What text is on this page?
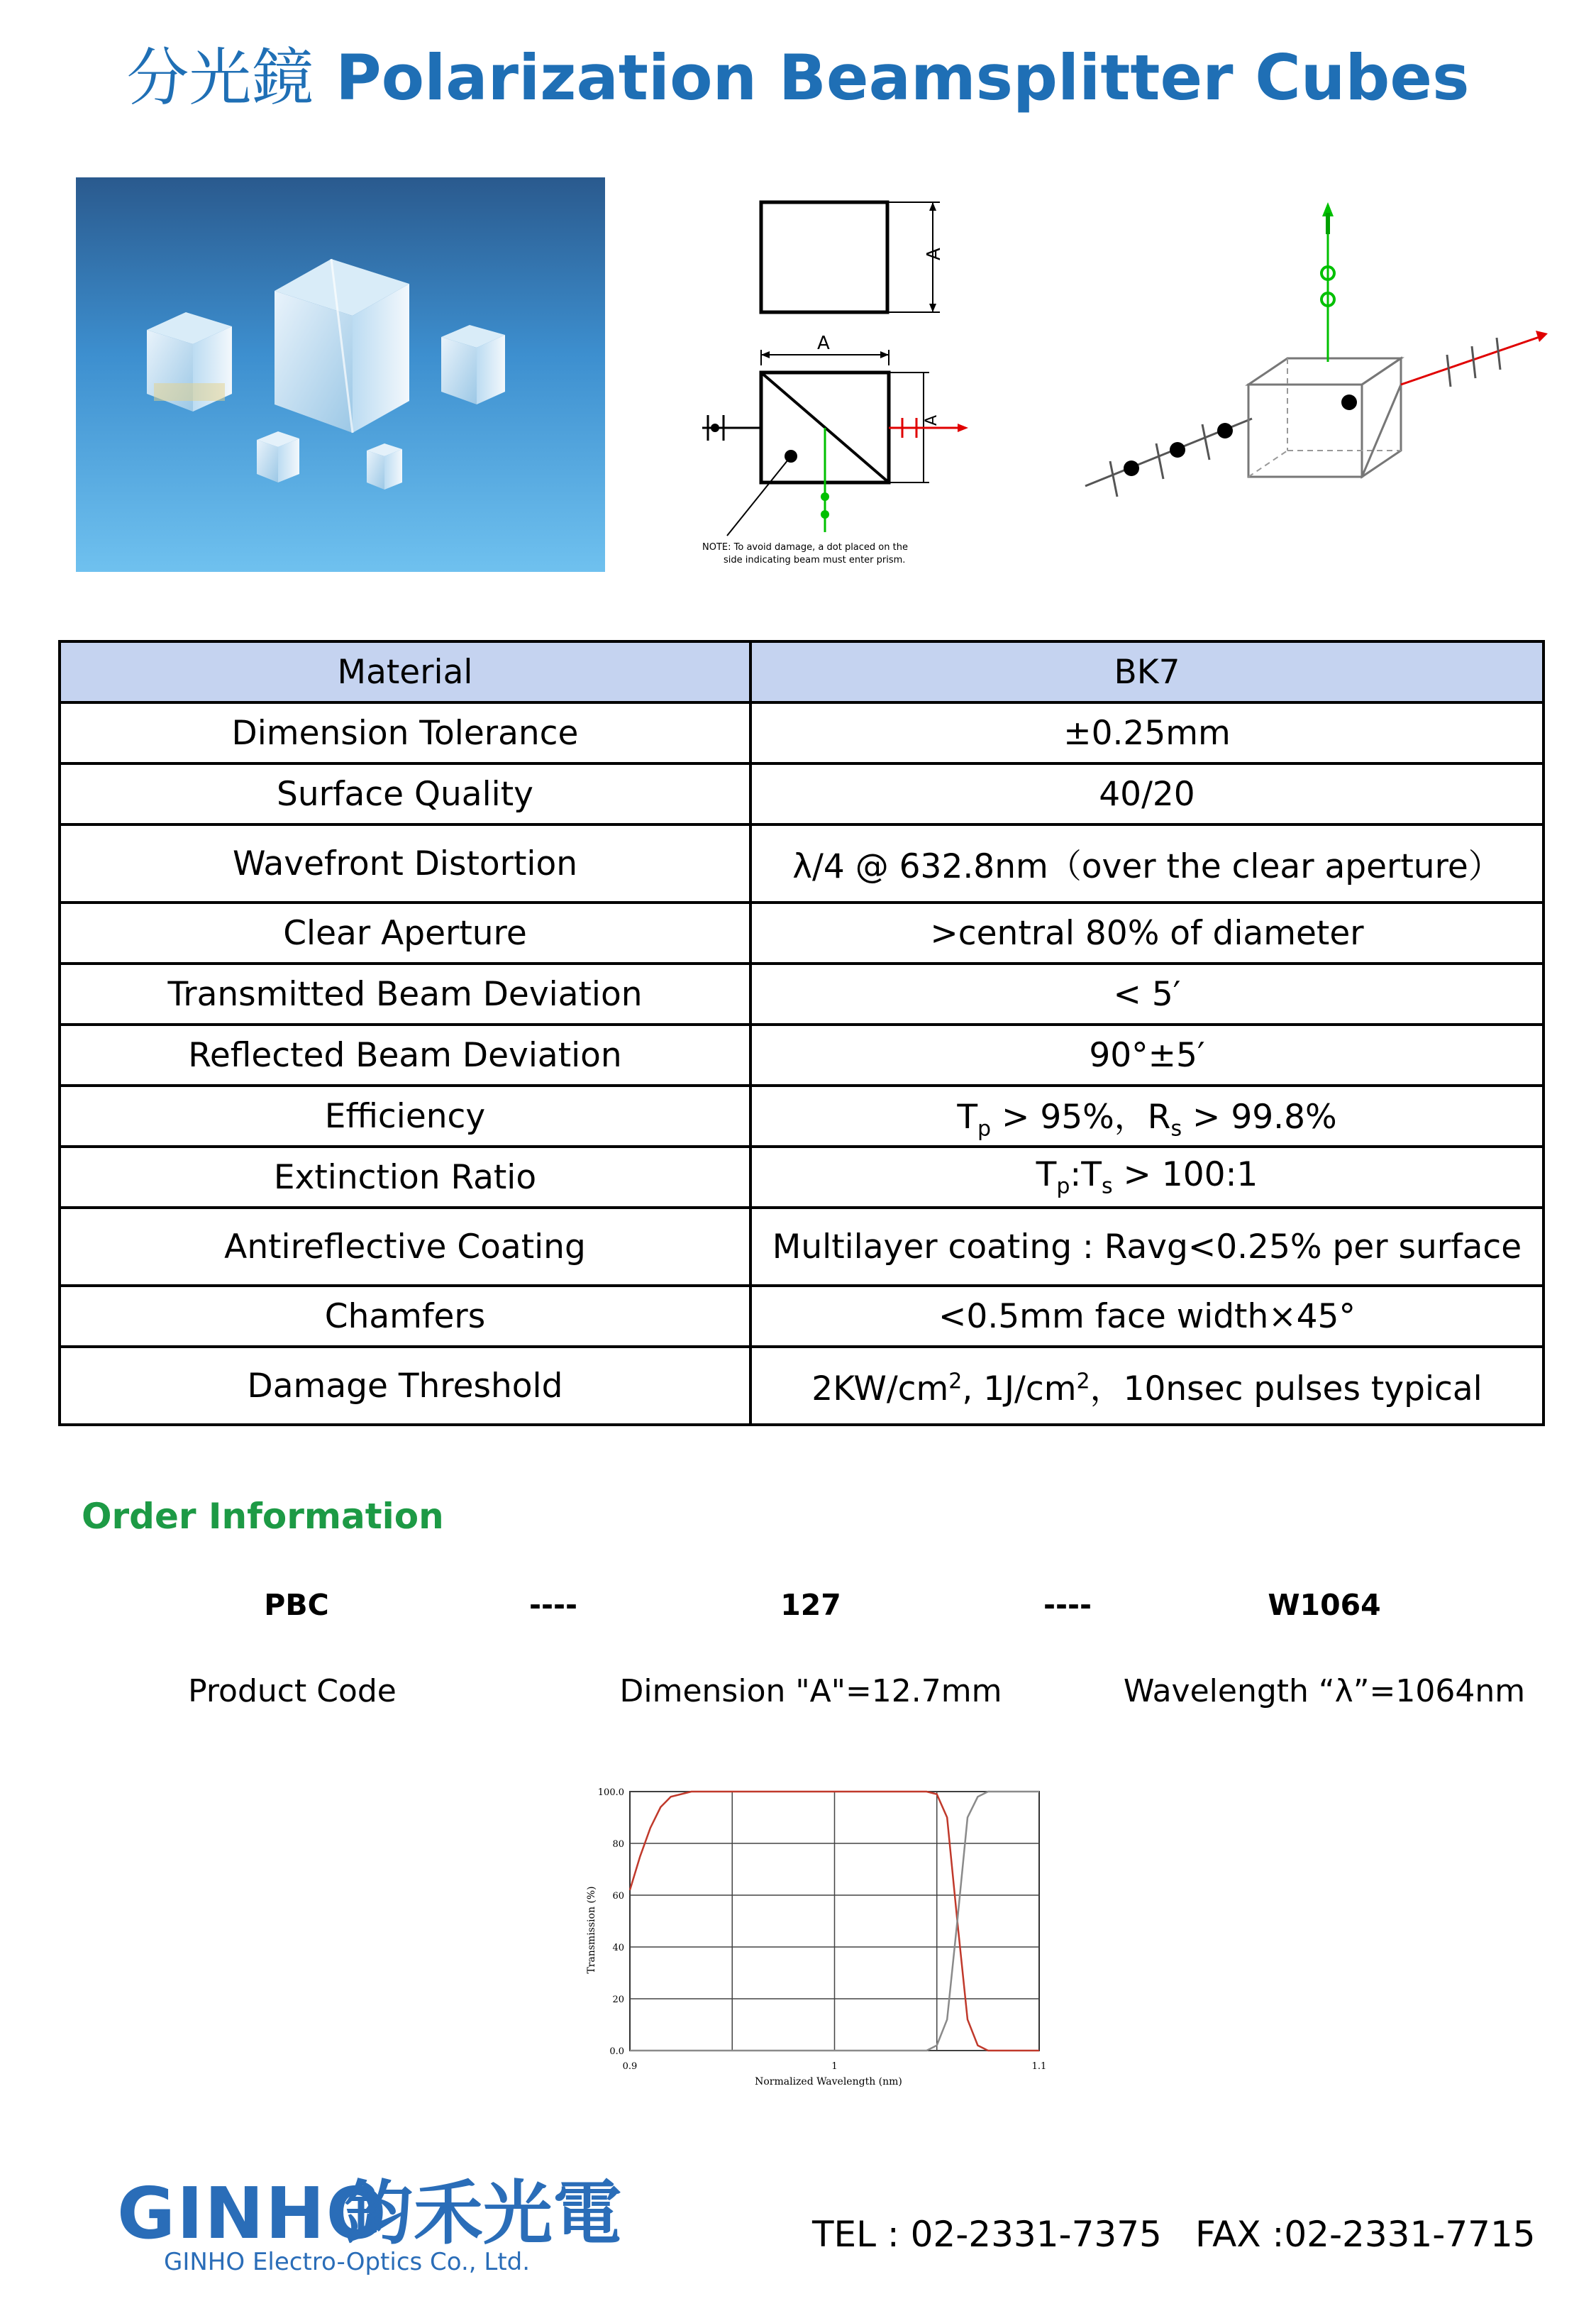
分光鏡 Polarization Beamsplitter Cubes
A
A
A
NOTE: To avoid damage, a dot placed on the
side indicating beam must enter prism.
Material	BK7
Dimension Tolerance	±0.25mm
Surface Quality	40/20
Wavefront Distortion	λ/4 @ 632.8nm（over the clear aperture）
Clear Aperture	>central 80% of diameter
Transmitted Beam Deviation	< 5′
Reflected Beam Deviation	90°±5′
Efficiency	$T_p > 95\%$，$R_s > 99.8\%$
Extinction Ratio	$T_p:T_s$ > 100:1
Antireflective Coating	Multilayer coating : Ravg<0.25% per surface
Chamfers	<0.5mm face width×45°
Damage Threshold	$2KW/cm^2$, $1J/cm^2$，10nsec pulses typical
Order Information
PBC	----	127	----	W1064
Product Code	Dimension "A"=12.7mm	Wavelength “λ”=1064nm
0.0
20
40
60
80
100.0
0.9	1	1.1
Normalized Wavelength (nm)
Transmission (%)
GINHO
鈞禾光電
GINHO Electro-Optics Co., Ltd.
TEL : 02-2331-7375 FAX :02-2331-7715
